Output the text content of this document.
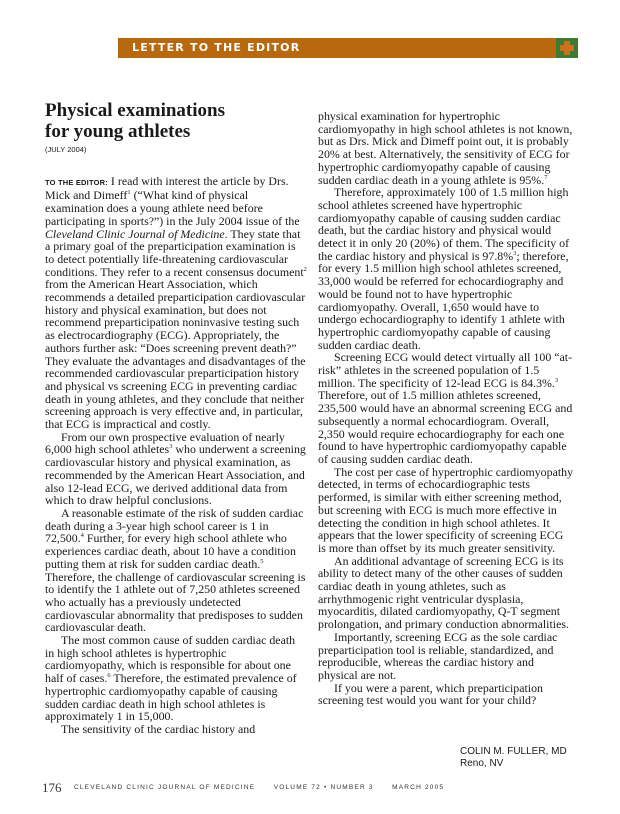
LETTER TO THE EDITOR
Physical examinations
for young athletes
(JULY 2004)

TO THE EDITOR: I read with interest the article by Drs. Mick and Dimeff$^1$ (“What kind of physical examination does a young athlete need before participating in sports?”) in the July 2004 issue of the Cleveland Clinic Journal of Medicine. They state that a primary goal of the preparticipation examination is to detect potentially life-threatening cardiovascular conditions. They refer to a recent consensus document$^2$ from the American Heart Association, which recommends a detailed preparticipation cardiovascular history and physical examination, but does not recommend preparticipation noninvasive testing such as electrocardiography (ECG). Appropriately, the authors further ask: “Does screening prevent death?” They evaluate the advantages and disadvantages of the recommended cardiovascular preparticipation history and physical vs screening ECG in preventing cardiac death in young athletes, and they conclude that neither screening approach is very effective and, in particular, that ECG is impractical and costly.

From our own prospective evaluation of nearly 6,000 high school athletes$^3$ who underwent a screening cardiovascular history and physical examination, as recommended by the American Heart Association, and also 12-lead ECG, we derived additional data from which to draw helpful conclusions.

A reasonable estimate of the risk of sudden cardiac death during a 3-year high school career is 1 in 72,500.$^4$ Further, for every high school athlete who experiences cardiac death, about 10 have a condition putting them at risk for sudden cardiac death.$^5$ Therefore, the challenge of cardiovascular screening is to identify the 1 athlete out of 7,250 athletes screened who actually has a previously undetected cardiovascular abnormality that predisposes to sudden cardiovascular death.

The most common cause of sudden cardiac death in high school athletes is hypertrophic cardiomyopathy, which is responsible for about one half of cases.$^6$ Therefore, the estimated prevalence of hypertrophic cardiomyopathy capable of causing sudden cardiac death in high school athletes is approximately 1 in 15,000.

The sensitivity of the cardiac history and

physical examination for hypertrophic cardiomyopathy in high school athletes is not known, but as Drs. Mick and Dimeff point out, it is probably 20% at best. Alternatively, the sensitivity of ECG for hypertrophic cardiomyopathy capable of causing sudden cardiac death in a young athlete is 95%.$^7$

Therefore, approximately 100 of 1.5 million high school athletes screened have hypertrophic cardiomyopathy capable of causing sudden cardiac death, but the cardiac history and physical would detect it in only 20 (20%) of them. The specificity of the cardiac history and physical is 97.8%$^3$; therefore, for every 1.5 million high school athletes screened, 33,000 would be referred for echocardiography and would be found not to have hypertrophic cardiomyopathy. Overall, 1,650 would have to undergo echocardiography to identify 1 athlete with hypertrophic cardiomyopathy capable of causing sudden cardiac death.

Screening ECG would detect virtually all 100 “at-risk” athletes in the screened population of 1.5 million. The specificity of 12-lead ECG is 84.3%.$^3$ Therefore, out of 1.5 million athletes screened, 235,500 would have an abnormal screening ECG and subsequently a normal echocardiogram. Overall, 2,350 would require echocardiography for each one found to have hypertrophic cardiomyopathy capable of causing sudden cardiac death.

The cost per case of hypertrophic cardiomyopathy detected, in terms of echocardiographic tests performed, is similar with either screening method, but screening with ECG is much more effective in detecting the condition in high school athletes. It appears that the lower specificity of screening ECG is more than offset by its much greater sensitivity.

An additional advantage of screening ECG is its ability to detect many of the other causes of sudden cardiac death in young athletes, such as arrhythmogenic right ventricular dysplasia, myocarditis, dilated cardiomyopathy, Q-T segment prolongation, and primary conduction abnormalities.

Importantly, screening ECG as the sole cardiac preparticipation tool is reliable, standardized, and reproducible, whereas the cardiac history and physical are not.

If you were a parent, which preparticipation screening test would you want for your child?

COLIN M. FULLER, MD
Reno, NV
176 CLEVELAND CLINIC JOURNAL OF MEDICINE	VOLUME 72 • NUMBER 3	MARCH 2005
